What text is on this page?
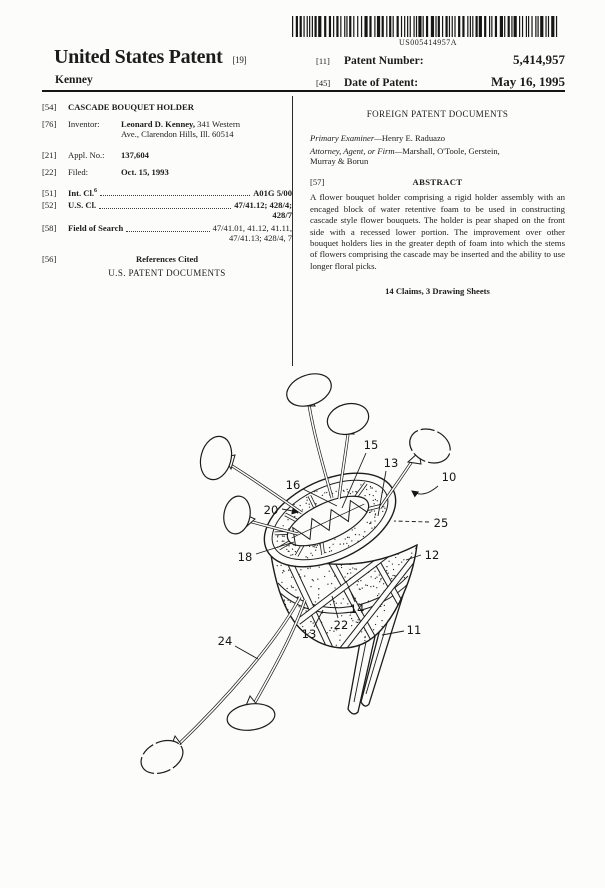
United States Patent [19]
Kenney
US005414957A
[11]	Patent Number:	5,414,957
[45]	Date of Patent:	May 16, 1995
[54]	CASCADE BOUQUET HOLDER
[76]	Inventor:	Leonard D. Kenney, 341 Western
Ave., Clarendon Hills, Ill. 60514
[21]	Appl. No.:	137,604
[22]	Filed:	Oct. 15, 1993
[51]	Int. Cl.$^6$	A01G 5/00
[52]	U.S. Cl.	47/41.12; 428/4;
428/7
[58]	Field of Search	47/41.01, 41.12, 41.11,
47/41.13; 428/4, 7
[56]	References Cited
U.S. PATENT DOCUMENTS
FOREIGN PATENT DOCUMENTS
Primary Examiner—Henry E. Raduazo
Attorney, Agent, or Firm—Marshall, O'Toole, Gerstein,
Murray & Borun
[57]	ABSTRACT
A flower bouquet holder comprising a rigid holder assembly with an encaged block of water retentive foam to be used in constructing cascade style flower bouquets. The holder is pear shaped on the front side with a recessed lower portion. The improvement over other bouquet holders lies in the greater depth of foam into which the stems of flowers comprising the cascade may be inserted and the ability to use longer floral picks.
14 Claims, 3 Drawing Sheets
15
13
10
16
20
25
18	12
14
22
13
24
11
